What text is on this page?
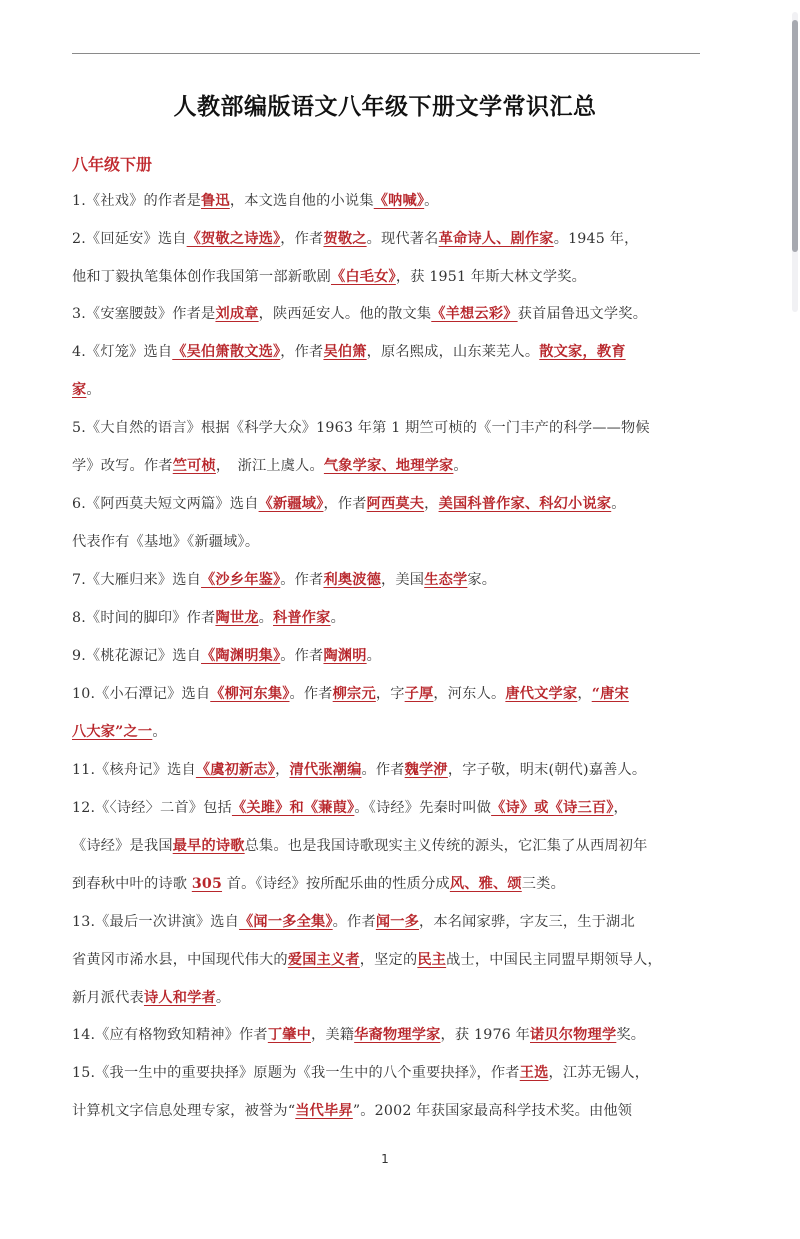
人教部编版语文八年级下册文学常识汇总
八年级下册
1.《社戏》的作者是鲁迅，本文选自他的小说集《呐喊》。
2.《回延安》选自《贺敬之诗选》，作者贺敬之。现代著名革命诗人、剧作家。1945 年，
他和丁毅执笔集体创作我国第一部新歌剧《白毛女》，获 1951 年斯大林文学奖。
3.《安塞腰鼓》作者是刘成章，陕西延安人。他的散文集《羊想云彩》获首届鲁迅文学奖。
4.《灯笼》选自《吴伯箫散文选》，作者吴伯箫，原名熙成，山东莱芜人。散文家，教育
家。
5.《大自然的语言》根据《科学大众》1963 年第 1 期竺可桢的《一门丰产的科学——物候
学》改写。作者竺可桢，　浙江上虞人。气象学家、地理学家。
6.《阿西莫夫短文两篇》选自《新疆域》，作者阿西莫夫，美国科普作家、科幻小说家。
代表作有《基地》《新疆域》。
7.《大雁归来》选自《沙乡年鉴》。作者利奥波德，美国生态学家。
8.《时间的脚印》作者陶世龙。科普作家。
9.《桃花源记》选自《陶渊明集》。作者陶渊明。
10.《小石潭记》选自《柳河东集》。作者柳宗元，字子厚，河东人。唐代文学家，“唐宋
八大家”之一。
11.《核舟记》选自《虞初新志》，清代张潮编。作者魏学洢，字子敬，明末(朝代)嘉善人。
12.《〈诗经〉二首》包括《关雎》和《蒹葭》。《诗经》先秦时叫做《诗》或《诗三百》，
《诗经》是我国最早的诗歌总集。也是我国诗歌现实主义传统的源头，它汇集了从西周初年
到春秋中叶的诗歌 305 首。《诗经》按所配乐曲的性质分成风、雅、颂三类。
13.《最后一次讲演》选自《闻一多全集》。作者闻一多，本名闻家骅，字友三，生于湖北
省黄冈市浠水县，中国现代伟大的爱国主义者，坚定的民主战士，中国民主同盟早期领导人，
新月派代表诗人和学者。
14.《应有格物致知精神》作者丁肇中，美籍华裔物理学家，获 1976 年诺贝尔物理学奖。
15.《我一生中的重要抉择》原题为《我一生中的八个重要抉择》，作者王选，江苏无锡人，
计算机文字信息处理专家，被誉为“当代毕昇”。2002 年获国家最高科学技术奖。由他领
1
